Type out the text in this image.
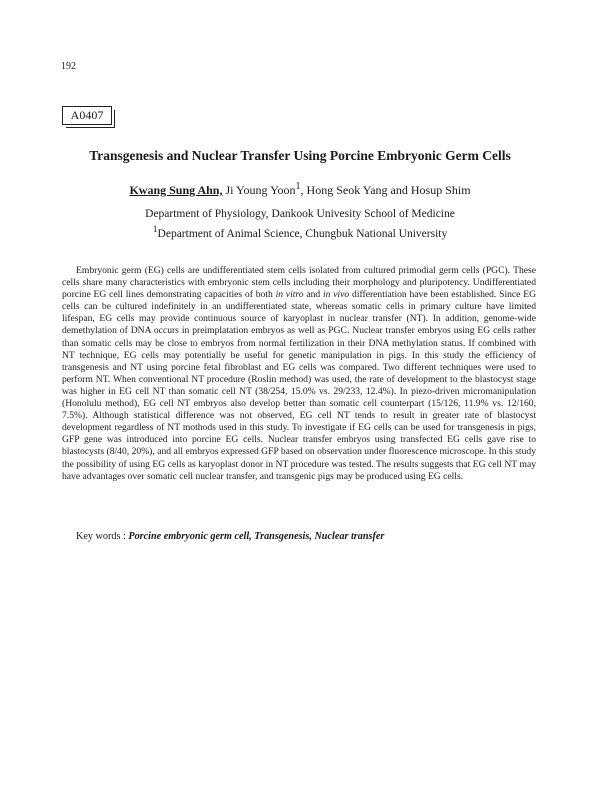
192
A0407
Transgenesis and Nuclear Transfer Using Porcine Embryonic Germ Cells
Kwang Sung Ahn, Ji Young Yoon$^1$, Hong Seok Yang and Hosup Shim
Department of Physiology, Dankook Univesity School of Medicine
$^1$Department of Animal Science, Chungbuk National University

Embryonic germ (EG) cells are undifferentiated stem cells isolated from cultured primodial germ cells (PGC). These cells share many characteristics with embryonic stem cells including their morphology and pluripotency. Undifferentiated porcine EG cell lines demonstrating capacities of both in vitro and in vivo differentiation have been established. Since EG cells can be cultured indefinitely in an undifferentiated state, whereas somatic cells in primary culture have limited lifespan, EG cells may provide continuous source of karyoplast in nuclear transfer (NT). In addition, genome-wide demethylation of DNA occurs in preimplatation embryos as well as PGC. Nuclear transfer embryos using EG cells rather than somatic cells may be close to embryos from normal fertilization in their DNA methylation status. If combined with NT technique, EG cells may potentially be useful for genetic manipulation in pigs. In this study the efficiency of transgenesis and NT using porcine fetal fibroblast and EG cells was compared. Two different techniques were used to perform NT. When conventional NT procedure (Roslin method) was used, the rate of development to the blastocyst stage was higher in EG cell NT than somatic cell NT (38/254, 15.0% vs. 29/233, 12.4%). In piezo-driven micromanipulation (Honolulu method), EG cell NT embryos also develop better than somatic cell counterpart (15/126, 11.9% vs. 12/160, 7.5%). Although statistical difference was not observed, EG cell NT tends to result in greater rate of blastocyst development regardless of NT mothods used in this study. To investigate if EG cells can be used for transgenesis in pigs, GFP gene was introduced into porcine EG cells. Nuclear transfer embryos using transfected EG cells gave rise to blastocysts (8/40, 20%), and all embryos expressed GFP based on observation under fluorescence microscope. In this study the possibility of using EG cells as karyoplast donor in NT procedure was tested. The results suggests that EG cell NT may have advantages over somatic cell nuclear transfer, and transgenic pigs may be produced using EG cells.

Key words : Porcine embryonic germ cell, Transgenesis, Nuclear transfer
